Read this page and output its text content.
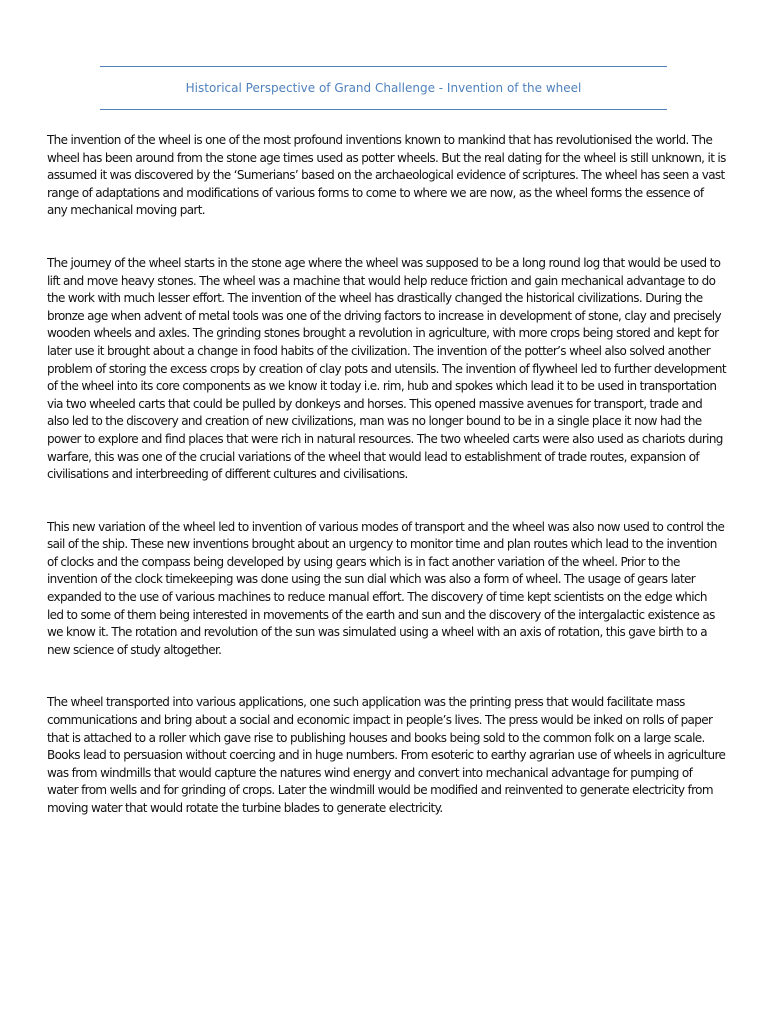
Historical Perspective of Grand Challenge - Invention of the wheel

The invention of the wheel is one of the most profound inventions known to mankind that has revolutionised the world. The wheel has been around from the stone age times used as potter wheels. But the real dating for the wheel is still unknown, it is assumed it was discovered by the ‘Sumerians’ based on the archaeological evidence of scriptures. The wheel has seen a vast range of adaptations and modifications of various forms to come to where we are now, as the wheel forms the essence of any mechanical moving part.

The journey of the wheel starts in the stone age where the wheel was supposed to be a long round log that would be used to lift and move heavy stones. The wheel was a machine that would help reduce friction and gain mechanical advantage to do the work with much lesser effort. The invention of the wheel has drastically changed the historical civilizations. During the bronze age when advent of metal tools was one of the driving factors to increase in development of stone, clay and precisely wooden wheels and axles. The grinding stones brought a revolution in agriculture, with more crops being stored and kept for later use it brought about a change in food habits of the civilization. The invention of the potter’s wheel also solved another problem of storing the excess crops by creation of clay pots and utensils. The invention of flywheel led to further development of the wheel into its core components as we know it today i.e. rim, hub and spokes which lead it to be used in transportation via two wheeled carts that could be pulled by donkeys and horses. This opened massive avenues for transport, trade and also led to the discovery and creation of new civilizations, man was no longer bound to be in a single place it now had the power to explore and find places that were rich in natural resources. The two wheeled carts were also used as chariots during warfare, this was one of the crucial variations of the wheel that would lead to establishment of trade routes, expansion of civilisations and interbreeding of different cultures and civilisations.

This new variation of the wheel led to invention of various modes of transport and the wheel was also now used to control the sail of the ship. These new inventions brought about an urgency to monitor time and plan routes which lead to the invention of clocks and the compass being developed by using gears which is in fact another variation of the wheel. Prior to the invention of the clock timekeeping was done using the sun dial which was also a form of wheel. The usage of gears later expanded to the use of various machines to reduce manual effort. The discovery of time kept scientists on the edge which led to some of them being interested in movements of the earth and sun and the discovery of the intergalactic existence as we know it. The rotation and revolution of the sun was simulated using a wheel with an axis of rotation, this gave birth to a new science of study altogether.

The wheel transported into various applications, one such application was the printing press that would facilitate mass communications and bring about a social and economic impact in people’s lives. The press would be inked on rolls of paper that is attached to a roller which gave rise to publishing houses and books being sold to the common folk on a large scale. Books lead to persuasion without coercing and in huge numbers. From esoteric to earthy agrarian use of wheels in agriculture was from windmills that would capture the natures wind energy and convert into mechanical advantage for pumping of water from wells and for grinding of crops. Later the windmill would be modified and reinvented to generate electricity from moving water that would rotate the turbine blades to generate electricity.
